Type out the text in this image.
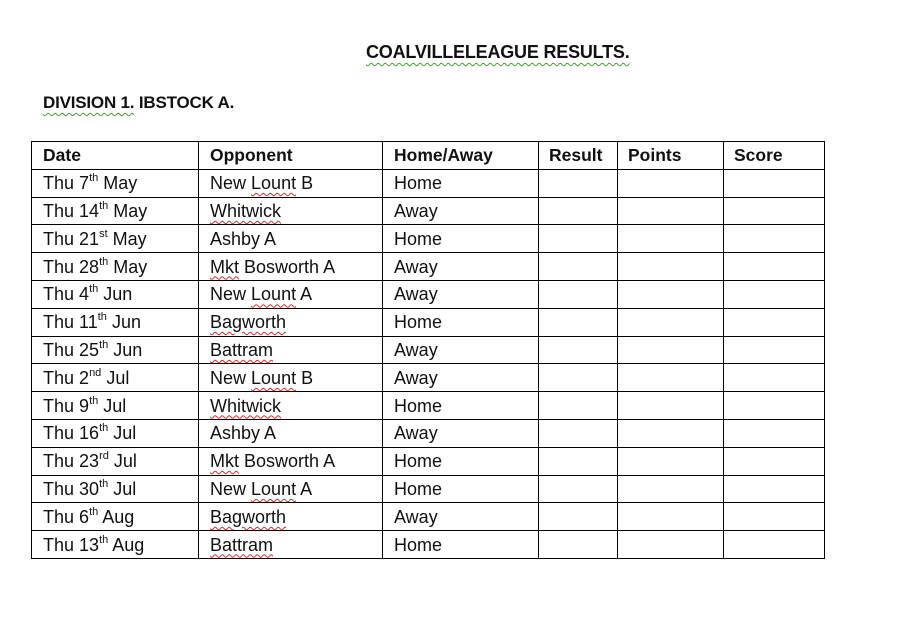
COALVILLELEAGUE RESULTS.
DIVISION 1. IBSTOCK A.
Date	Opponent	Home/Away	Result	Points	Score
Thu 7th May	New Lount B	Home			
Thu 14th May	Whitwick	Away			
Thu 21st May	Ashby A	Home			
Thu 28th May	Mkt Bosworth A	Away			
Thu 4th Jun	New Lount A	Away			
Thu 11th Jun	Bagworth	Home			
Thu 25th Jun	Battram	Away			
Thu 2nd Jul	New Lount B	Away			
Thu 9th Jul	Whitwick	Home			
Thu 16th Jul	Ashby A	Away			
Thu 23rd Jul	Mkt Bosworth A	Home			
Thu 30th Jul	New Lount A	Home			
Thu 6th Aug	Bagworth	Away			
Thu 13th Aug	Battram	Home			
